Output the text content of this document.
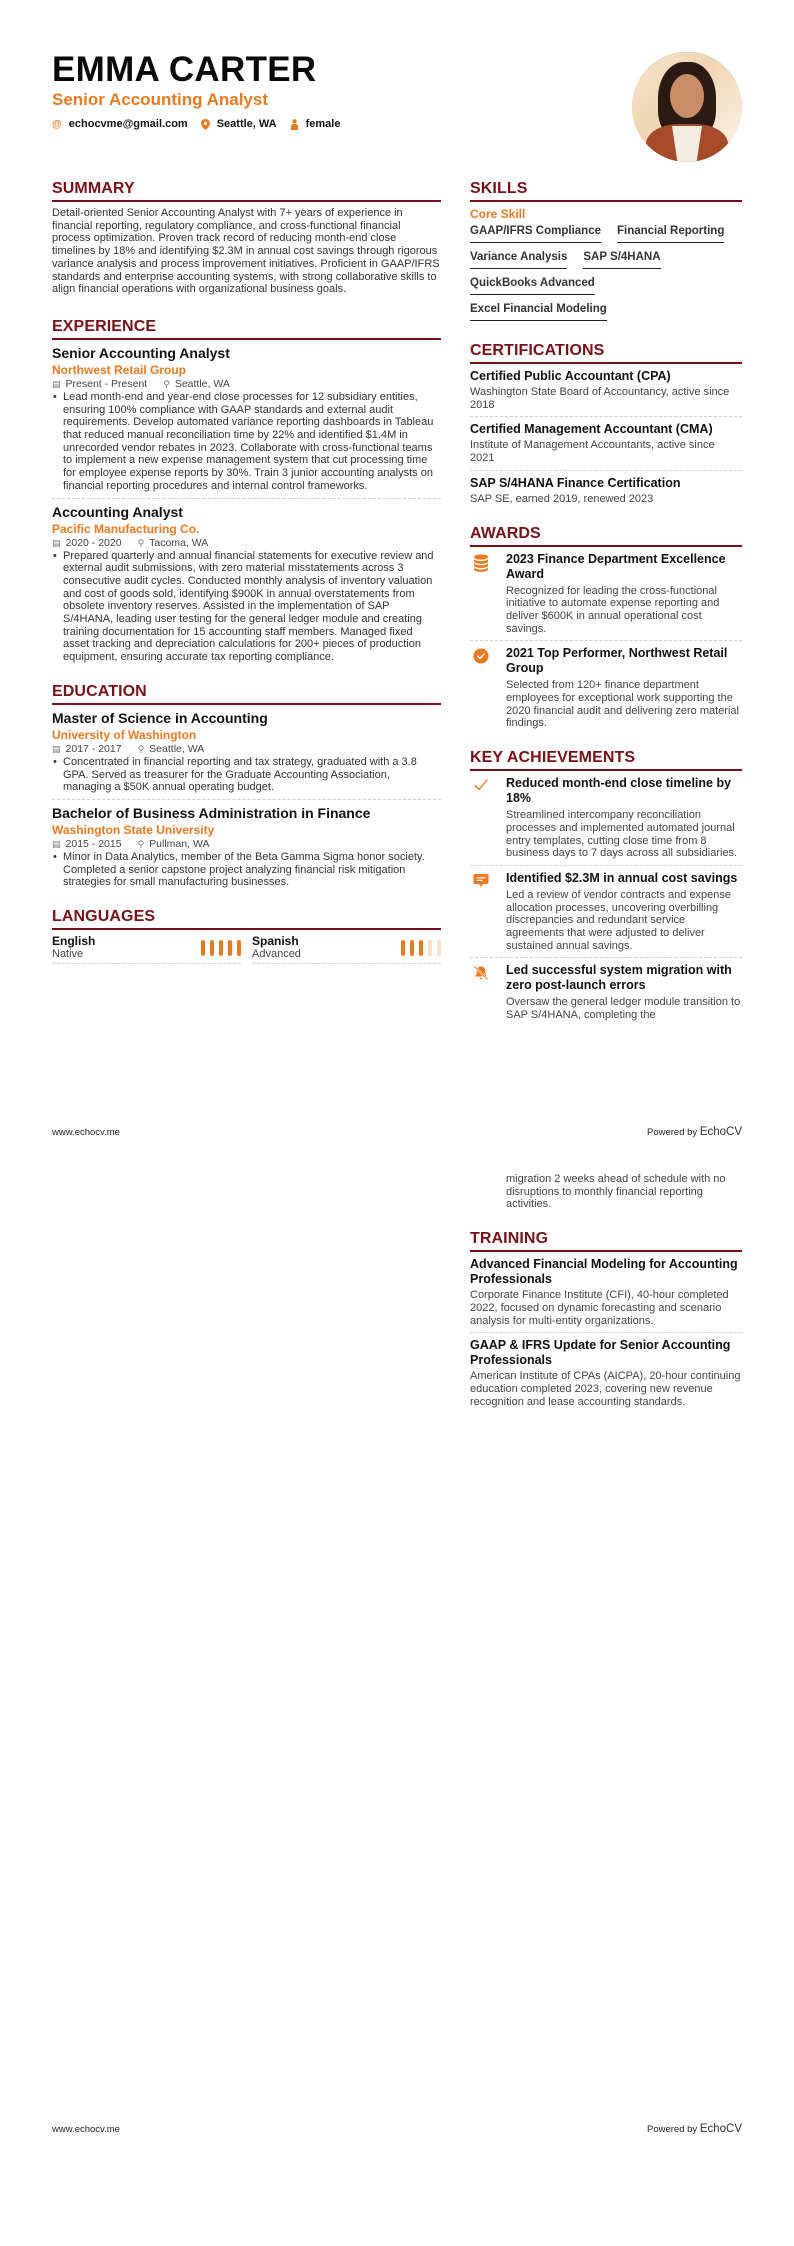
EMMA CARTER
Senior Accounting Analyst
@ echocvme@gmail.com	Seattle, WA	female
SUMMARY
Detail-oriented Senior Accounting Analyst with 7+ years of experience in financial reporting, regulatory compliance, and cross-functional financial process optimization. Proven track record of reducing month-end close timelines by 18% and identifying $2.3M in annual cost savings through rigorous variance analysis and process improvement initiatives. Proficient in GAAP/IFRS standards and enterprise accounting systems, with strong collaborative skills to align financial operations with organizational business goals.
EXPERIENCE
Senior Accounting Analyst
Northwest Retail Group
▤ Present - Present ⚲ Seattle, WA
• Lead month-end and year-end close processes for 12 subsidiary entities, ensuring 100% compliance with GAAP standards and external audit requirements. Develop automated variance reporting dashboards in Tableau that reduced manual reconciliation time by 22% and identified $1.4M in unrecorded vendor rebates in 2023. Collaborate with cross-functional teams to implement a new expense management system that cut processing time for employee expense reports by 30%. Train 3 junior accounting analysts on financial reporting procedures and internal control frameworks.
Accounting Analyst
Pacific Manufacturing Co.
▤ 2020 - 2020 ⚲ Tacoma, WA
• Prepared quarterly and annual financial statements for executive review and external audit submissions, with zero material misstatements across 3 consecutive audit cycles. Conducted monthly analysis of inventory valuation and cost of goods sold, identifying $900K in annual overstatements from obsolete inventory reserves. Assisted in the implementation of SAP S/4HANA, leading user testing for the general ledger module and creating training documentation for 15 accounting staff members. Managed fixed asset tracking and depreciation calculations for 200+ pieces of production equipment, ensuring accurate tax reporting compliance.
EDUCATION
Master of Science in Accounting
University of Washington
▤ 2017 - 2017 ⚲ Seattle, WA
• Concentrated in financial reporting and tax strategy, graduated with a 3.8 GPA. Served as treasurer for the Graduate Accounting Association, managing a $50K annual operating budget.
Bachelor of Business Administration in Finance
Washington State University
▤ 2015 - 2015 ⚲ Pullman, WA
• Minor in Data Analytics, member of the Beta Gamma Sigma honor society. Completed a senior capstone project analyzing financial risk mitigation strategies for small manufacturing businesses.
LANGUAGES
English
Native
Spanish
Advanced
SKILLS
Core Skill
GAAP/IFRS Compliance Financial Reporting
Variance Analysis SAP S/4HANA
QuickBooks Advanced
Excel Financial Modeling
CERTIFICATIONS
Certified Public Accountant (CPA)
Washington State Board of Accountancy, active since 2018
Certified Management Accountant (CMA)
Institute of Management Accountants, active since 2021
SAP S/4HANA Finance Certification
SAP SE, earned 2019, renewed 2023
AWARDS
2023 Finance Department Excellence Award
Recognized for leading the cross-functional initiative to automate expense reporting and deliver $600K in annual operational cost savings.
2021 Top Performer, Northwest Retail Group
Selected from 120+ finance department employees for exceptional work supporting the 2020 financial audit and delivering zero material findings.
KEY ACHIEVEMENTS
Reduced month-end close timeline by 18%
Streamlined intercompany reconciliation processes and implemented automated journal entry templates, cutting close time from 8 business days to 7 days across all subsidiaries.
Identified $2.3M in annual cost savings
Led a review of vendor contracts and expense allocation processes, uncovering overbilling discrepancies and redundant service agreements that were adjusted to deliver sustained annual savings.
Led successful system migration with zero post-launch errors
Oversaw the general ledger module transition to SAP S/4HANA, completing the
www.echocv.me	Powered by EchoCV
migration 2 weeks ahead of schedule with no disruptions to monthly financial reporting activities.
TRAINING
Advanced Financial Modeling for Accounting Professionals
Corporate Finance Institute (CFI), 40-hour completed 2022, focused on dynamic forecasting and scenario analysis for multi-entity organizations.
GAAP & IFRS Update for Senior Accounting Professionals
American Institute of CPAs (AICPA), 20-hour continuing education completed 2023, covering new revenue recognition and lease accounting standards.
www.echocv.me	Powered by EchoCV
